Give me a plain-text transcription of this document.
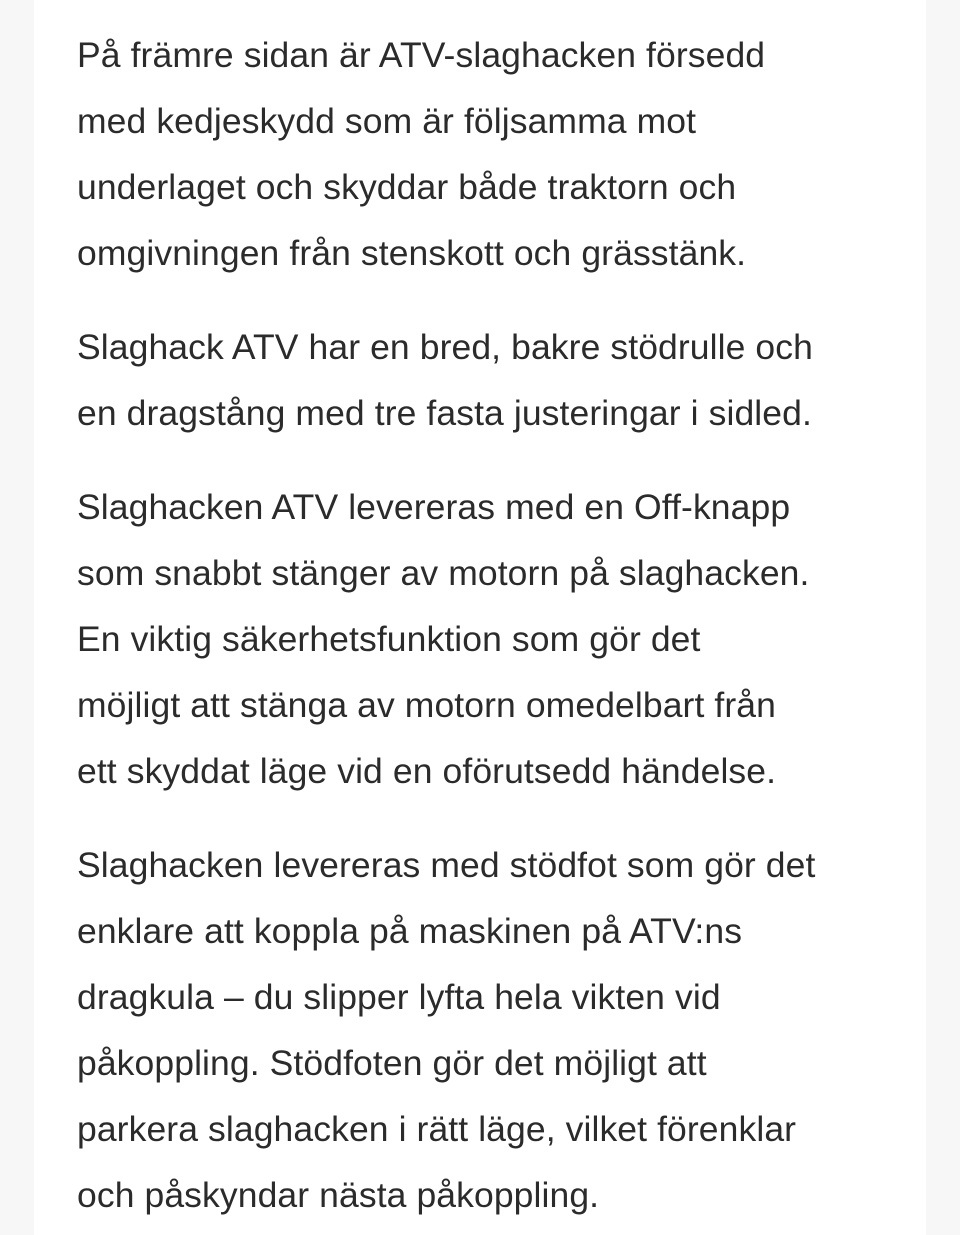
På främre sidan är ATV-slaghacken försedd
med kedjeskydd som är följsamma mot
underlaget och skyddar både traktorn och
omgivningen från stenskott och grässtänk.

Slaghack ATV har en bred, bakre stödrulle och
en dragstång med tre fasta justeringar i sidled.

Slaghacken ATV levereras med en Off-knapp
som snabbt stänger av motorn på slaghacken.
En viktig säkerhetsfunktion som gör det
möjligt att stänga av motorn omedelbart från
ett skyddat läge vid en oförutsedd händelse.

Slaghacken levereras med stödfot som gör det
enklare att koppla på maskinen på ATV:ns
dragkula – du slipper lyfta hela vikten vid
påkoppling. Stödfoten gör det möjligt att
parkera slaghacken i rätt läge, vilket förenklar
och påskyndar nästa påkoppling.
